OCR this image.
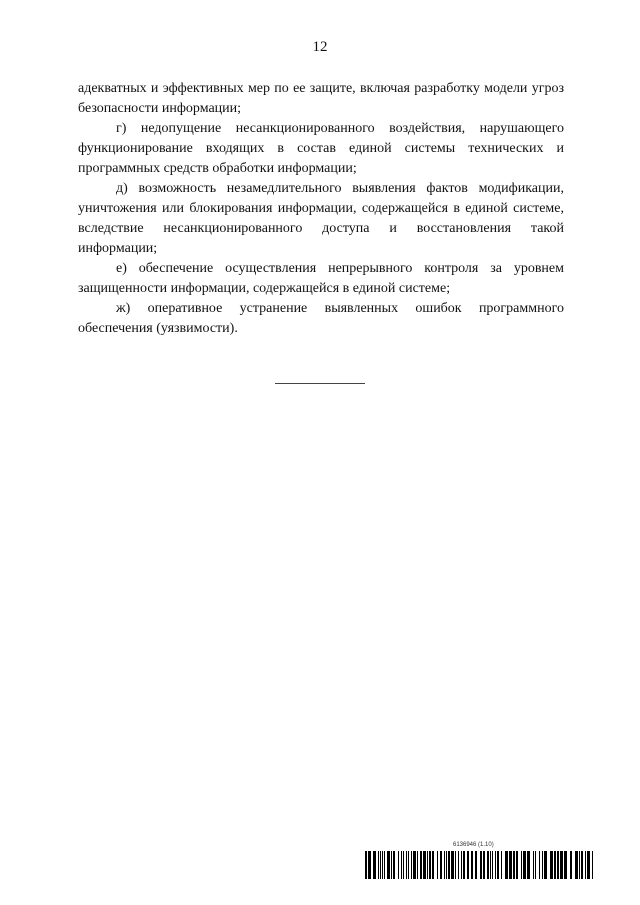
12

адекватных и эффективных мер по ее защите, включая разработку модели угроз безопасности информации;

г) недопущение несанкционированного воздействия, нарушающего функционирование входящих в состав единой системы технических и программных средств обработки информации;

д) возможность незамедлительного выявления фактов модификации, уничтожения или блокирования информации, содержащейся в единой системе, вследствие несанкционированного доступа и восстановления такой информации;

е) обеспечение осуществления непрерывного контроля за уровнем защищенности информации, содержащейся в единой системе;

ж) оперативное устранение выявленных ошибок программного обеспечения (уязвимости).

6136946 (1.10)
